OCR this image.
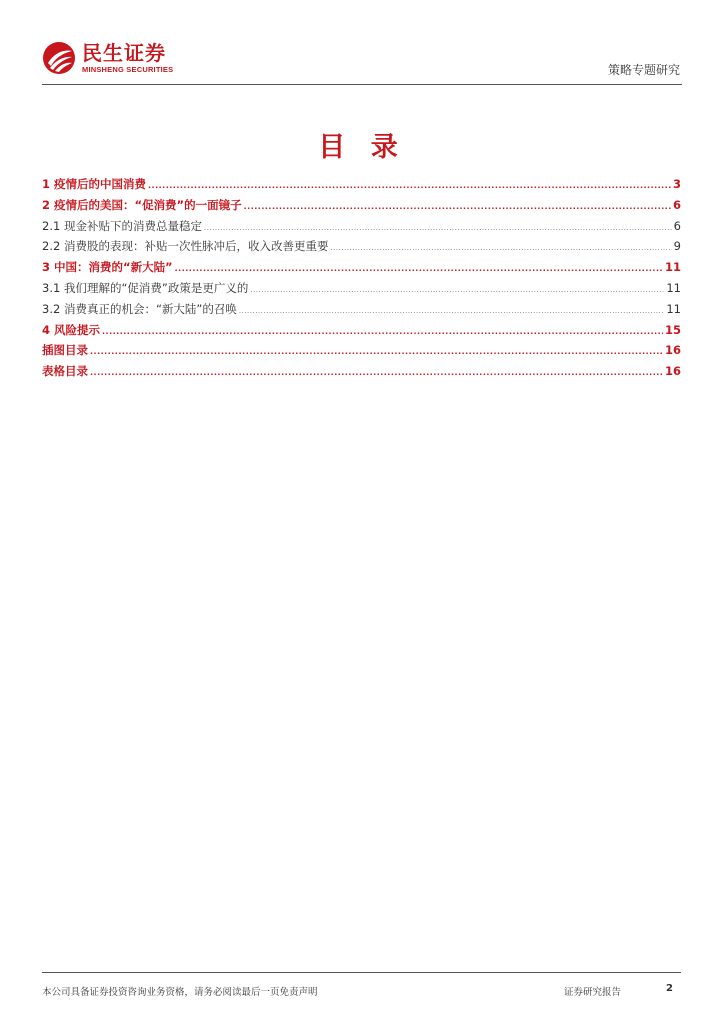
民生证券
MINSHENG SECURITIES	策略专题研究
目 录
1 疫情后的中国消费 .....	3
2 疫情后的美国：“促消费”的一面镜子 .....	6
2.1 现金补贴下的消费总量稳定 .....	6
2.2 消费股的表现：补贴一次性脉冲后，收入改善更重要 .....	9
3 中国：消费的“新大陆” .....	11
3.1 我们理解的“促消费”政策是更广义的 .....	11
3.2 消费真正的机会：“新大陆”的召唤 .....	11
4 风险提示 .....	15
插图目录 .....	16
表格目录 .....	16
本公司具备证券投资咨询业务资格，请务必阅读最后一页免责声明	证券研究报告	2
